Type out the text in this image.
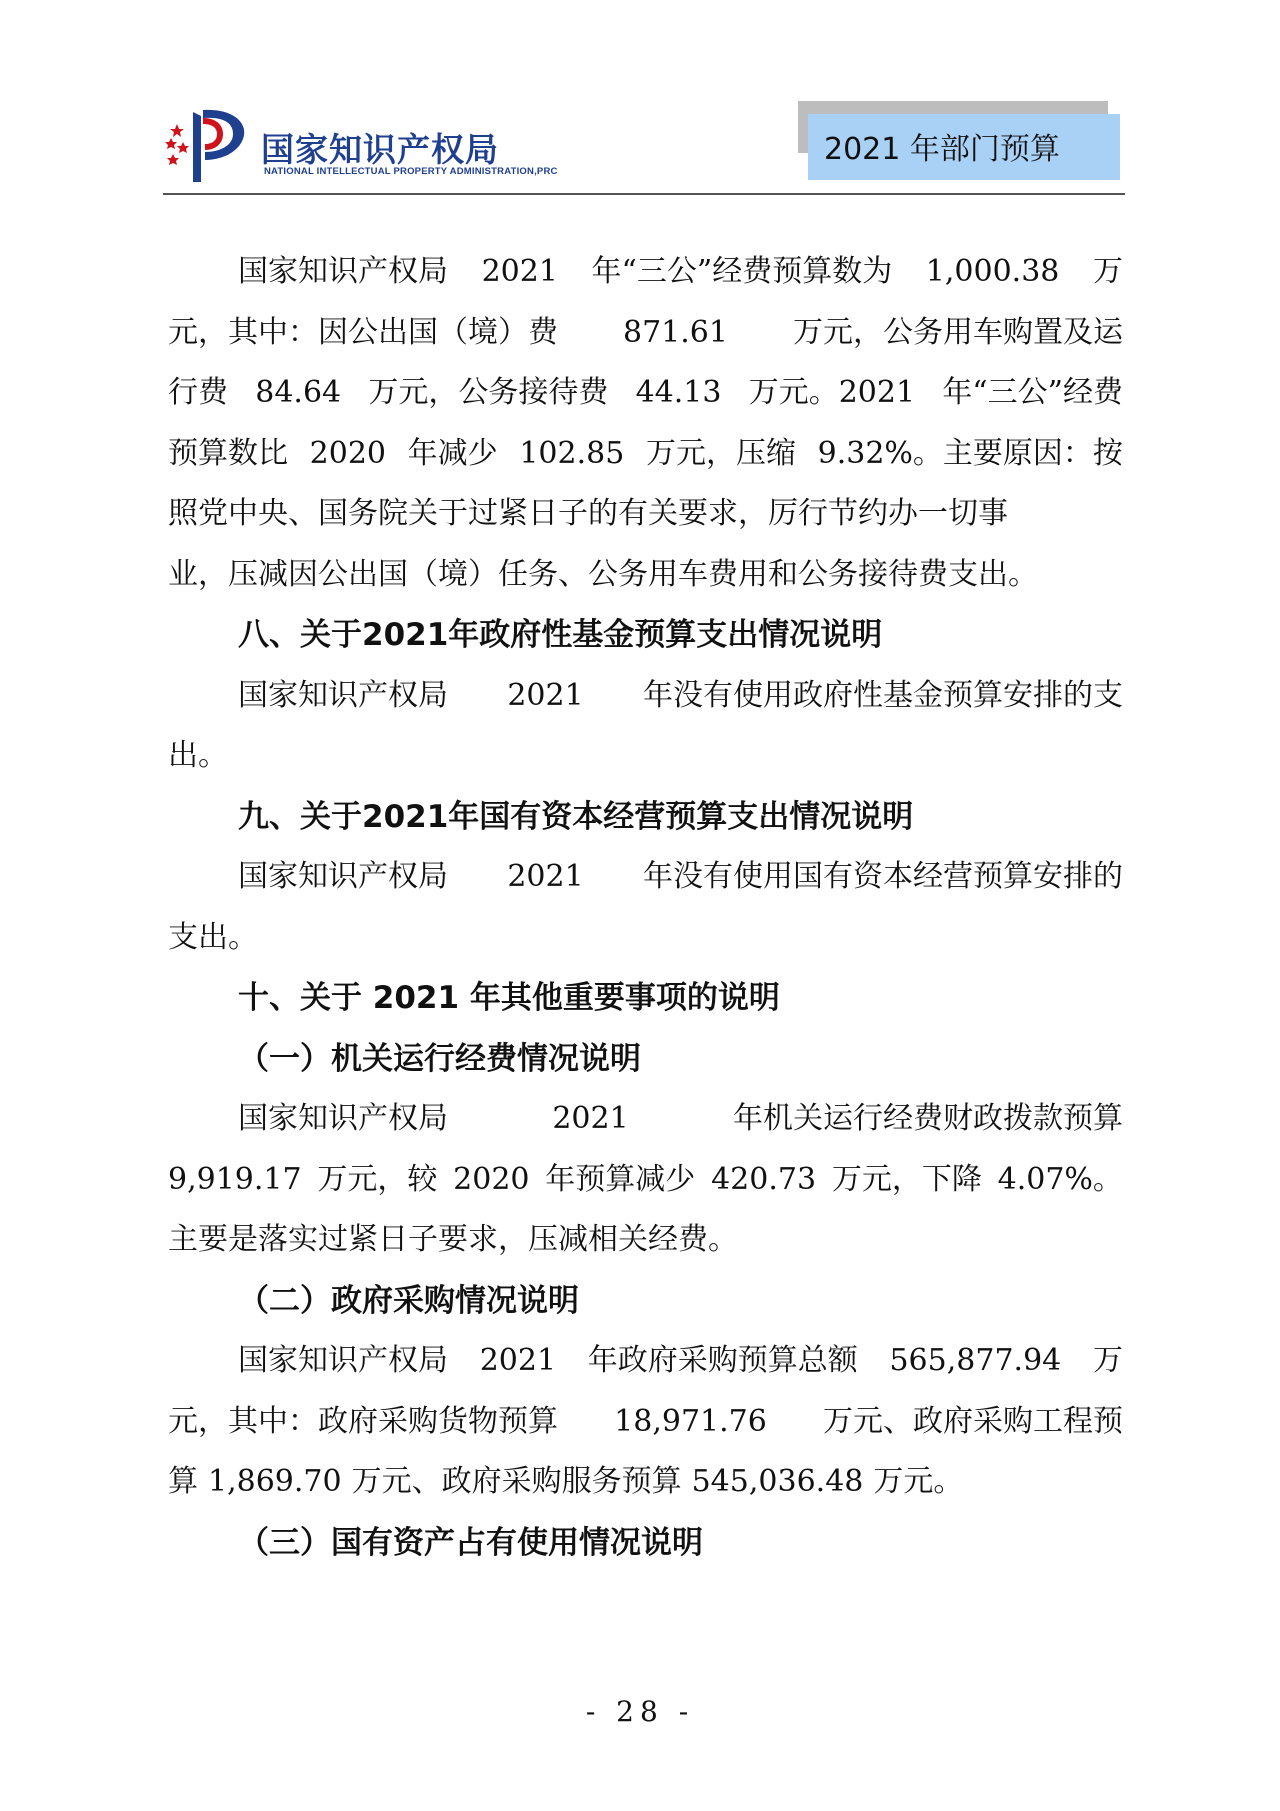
国家知识产权局
NATIONAL INTELLECTUAL PROPERTY ADMINISTRATION,PRC
2021 年部门预算
国家知识产权局 2021 年“三公”经费预算数为 1,000.38 万
元，其中：因公出国（境）费 871.61 万元，公务用车购置及运
行费 84.64 万元，公务接待费 44.13 万元。2021 年“三公”经费
预算数比 2020 年减少 102.85 万元，压缩 9.32%。主要原因：按
照党中央、国务院关于过紧日子的有关要求，厉行节约办一切事
业，压减因公出国（境）任务、公务用车费用和公务接待费支出。
八、关于2021年政府性基金预算支出情况说明
国家知识产权局 2021 年没有使用政府性基金预算安排的支
出。
九、关于2021年国有资本经营预算支出情况说明
国家知识产权局 2021 年没有使用国有资本经营预算安排的
支出。
十、关于 2021 年其他重要事项的说明
（一）机关运行经费情况说明
国家知识产权局	2021	年机关运行经费财政拨款预算
9,919.17 万元，较 2020 年预算减少 420.73 万元，下降 4.07%。
主要是落实过紧日子要求，压减相关经费。
（二）政府采购情况说明
国家知识产权局 2021 年政府采购预算总额 565,877.94 万
元，其中：政府采购货物预算 18,971.76 万元、政府采购工程预
算 1,869.70 万元、政府采购服务预算 545,036.48 万元。
（三）国有资产占有使用情况说明
- 28 -
